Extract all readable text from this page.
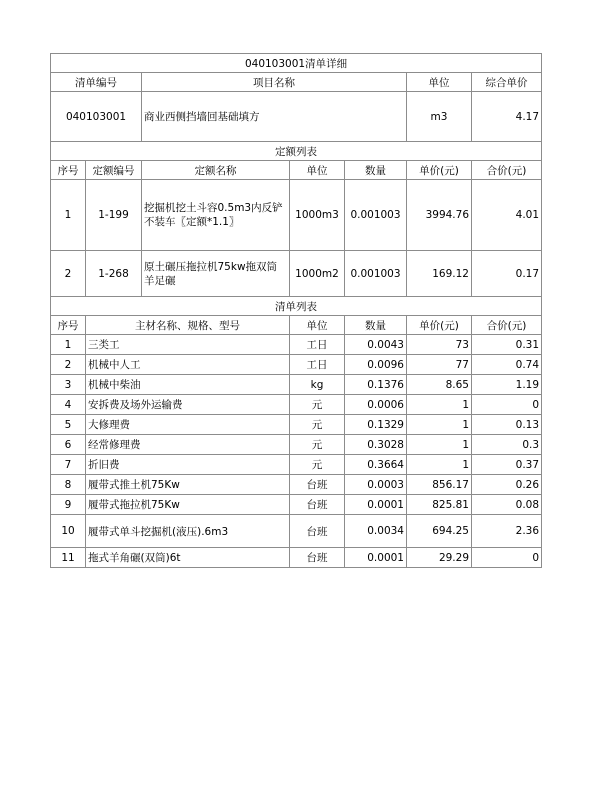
040103001清单详细						
清单编号		项目名称			单位	综合单价
040103001		商业西侧挡墙回基础填方			m3	4.17
定额列表						
序号	定额编号	定额名称	单位	数量	单价(元)	合价(元)
1	1-199	挖掘机挖土斗容0.5m3内反铲不装车〖定额*1.1〗	1000m3	0.001003	3994.76	4.01
2	1-268	原土碾压拖拉机75kw拖双筒羊足碾	1000m2	0.001003	169.12	0.17
清单列表						
序号	主材名称、规格、型号		单位	数量	单价(元)	合价(元)
1	三类工		工日	0.0043	73	0.31
2	机械中人工		工日	0.0096	77	0.74
3	机械中柴油		kg	0.1376	8.65	1.19
4	安拆费及场外运输费		元	0.0006	1	0
5	大修理费		元	0.1329	1	0.13
6	经常修理费		元	0.3028	1	0.3
7	折旧费		元	0.3664	1	0.37
8	履带式推土机75Kw		台班	0.0003	856.17	0.26
9	履带式拖拉机75Kw		台班	0.0001	825.81	0.08
10	履带式单斗挖掘机(液压).6m3		台班	0.0034	694.25	2.36
11	拖式羊角碾(双筒)6t		台班	0.0001	29.29	0
